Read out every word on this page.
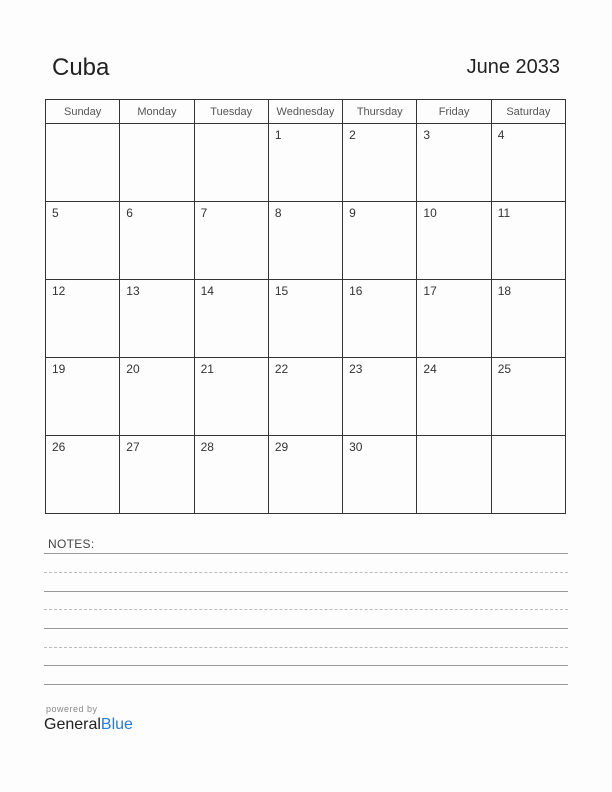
Cuba	June 2033
Sunday	Monday	Tuesday	Wednesday	Thursday	Friday	Saturday
			1	2	3	4
5	6	7	8	9	10	11
12	13	14	15	16	17	18
19	20	21	22	23	24	25
26	27	28	29	30		
NOTES:
powered by
GeneralBlue
